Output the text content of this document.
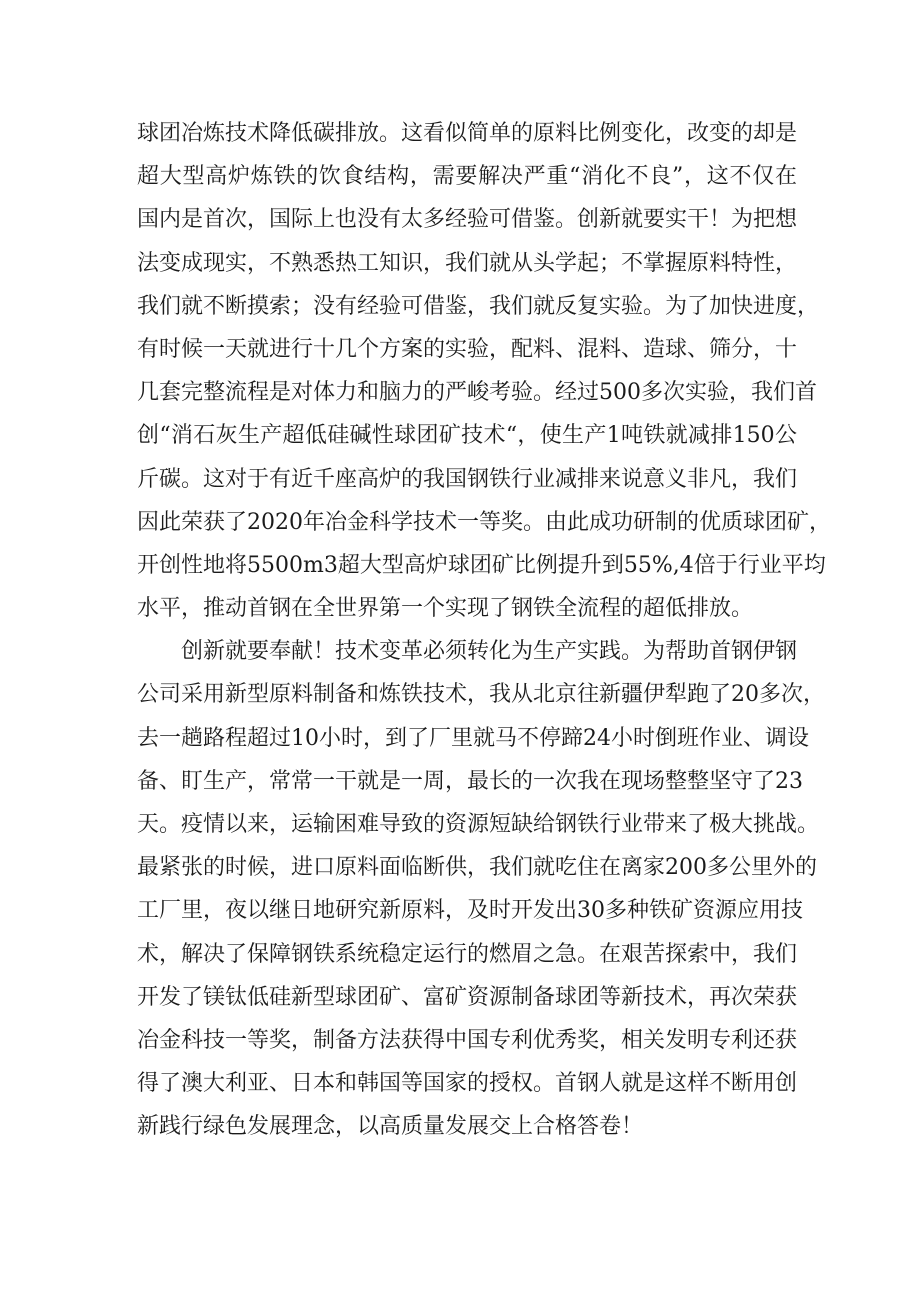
球团冶炼技术降低碳排放。这看似简单的原料比例变化，改变的却是
超大型高炉炼铁的饮食结构，需要解决严重“消化不良”，这不仅在
国内是首次，国际上也没有太多经验可借鉴。创新就要实干！为把想
法变成现实，不熟悉热工知识，我们就从头学起；不掌握原料特性，
我们就不断摸索；没有经验可借鉴，我们就反复实验。为了加快进度，
有时候一天就进行十几个方案的实验，配料、混料、造球、筛分，十
几套完整流程是对体力和脑力的严峻考验。经过500多次实验，我们首
创“消石灰生产超低硅碱性球团矿技术“，使生产1吨铁就减排150公
斤碳。这对于有近千座高炉的我国钢铁行业减排来说意义非凡，我们
因此荣获了2020年冶金科学技术一等奖。由此成功研制的优质球团矿，
开创性地将5500m3超大型高炉球团矿比例提升到55%,4倍于行业平均
水平，推动首钢在全世界第一个实现了钢铁全流程的超低排放。
创新就要奉献！技术变革必须转化为生产实践。为帮助首钢伊钢
公司采用新型原料制备和炼铁技术，我从北京往新疆伊犁跑了20多次，
去一趟路程超过10小时，到了厂里就马不停蹄24小时倒班作业、调设
备、盯生产，常常一干就是一周，最长的一次我在现场整整坚守了23
天。疫情以来，运输困难导致的资源短缺给钢铁行业带来了极大挑战。
最紧张的时候，进口原料面临断供，我们就吃住在离家200多公里外的
工厂里，夜以继日地研究新原料，及时开发出30多种铁矿资源应用技
术，解决了保障钢铁系统稳定运行的燃眉之急。在艰苦探索中，我们
开发了镁钛低硅新型球团矿、富矿资源制备球团等新技术，再次荣获
冶金科技一等奖，制备方法获得中国专利优秀奖，相关发明专利还获
得了澳大利亚、日本和韩国等国家的授权。首钢人就是这样不断用创
新践行绿色发展理念，以高质量发展交上合格答卷！
